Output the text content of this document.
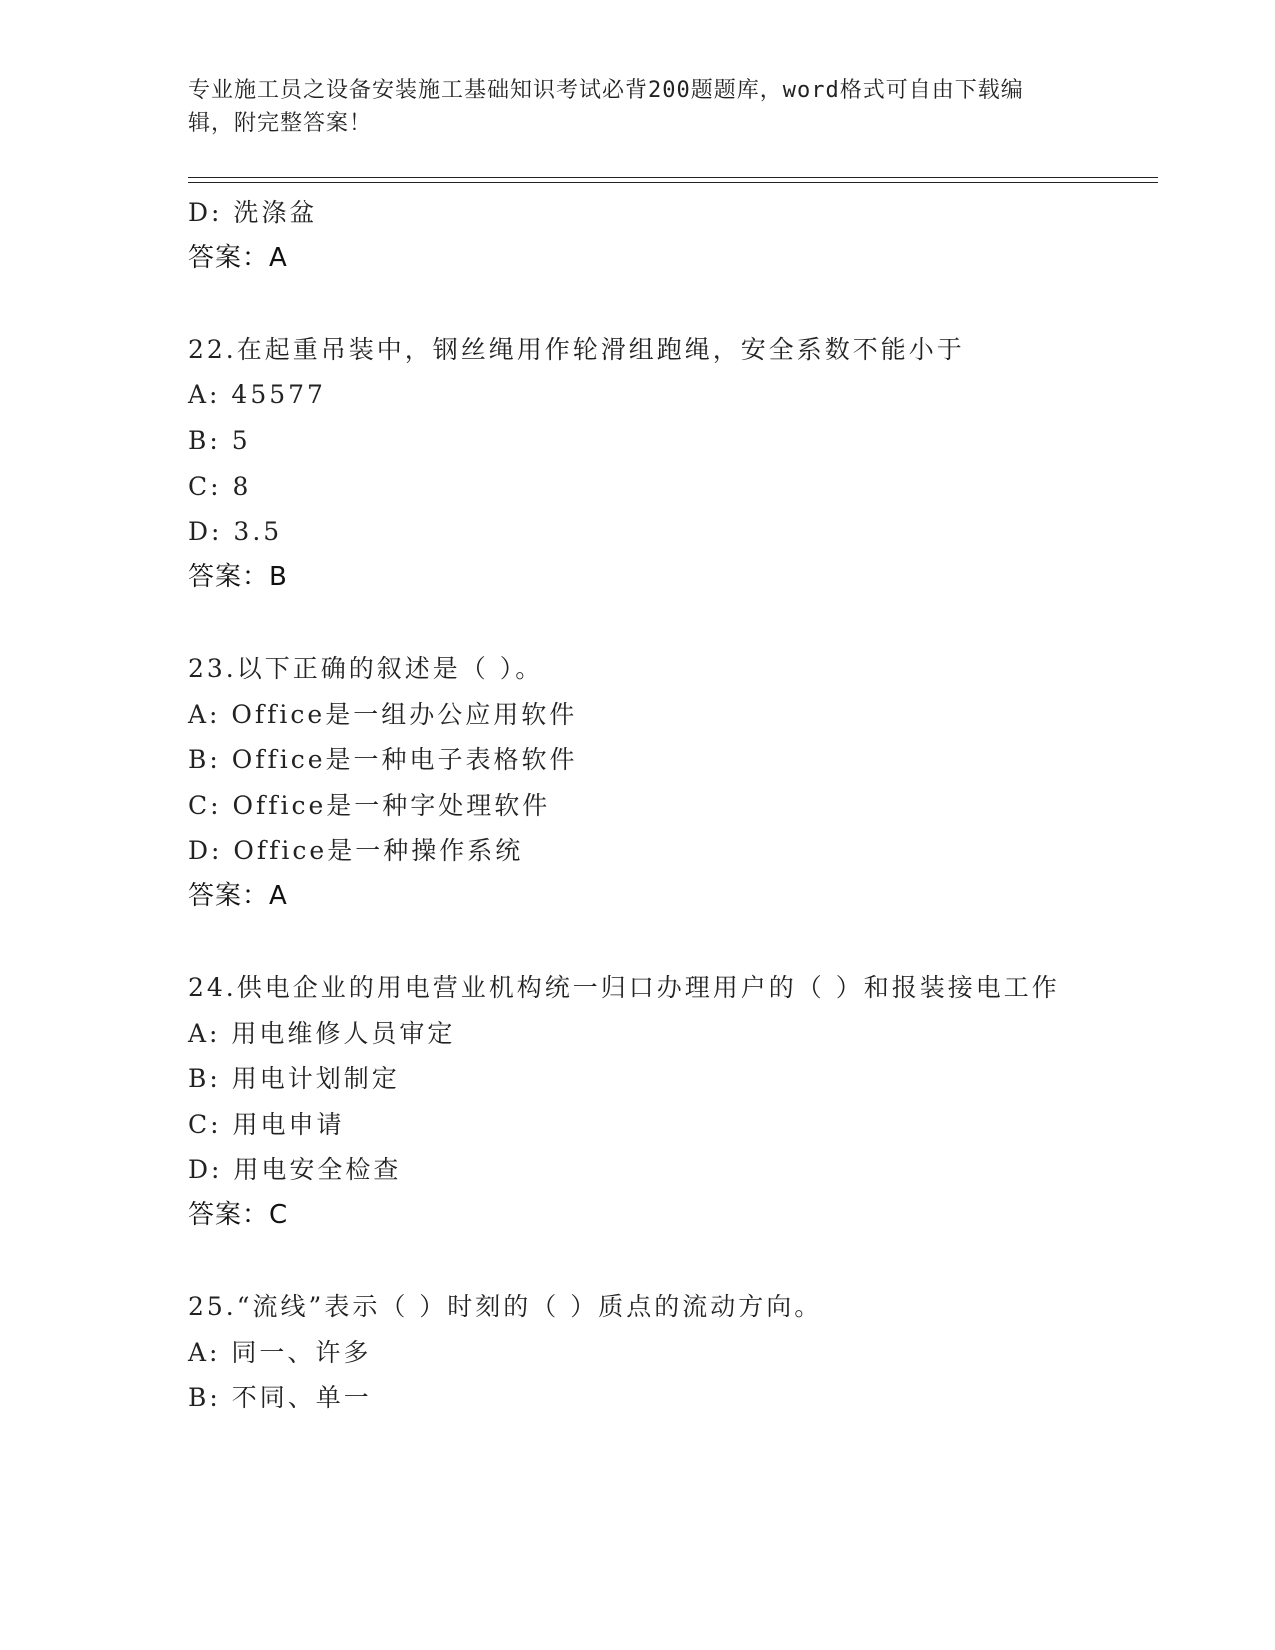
专业施工员之设备安装施工基础知识考试必背200题题库，word格式可自由下载编辑，附完整答案！
D: 洗涤盆
答案：A
22.在起重吊装中，钢丝绳用作轮滑组跑绳，安全系数不能小于
A: 45577
B: 5
C: 8
D: 3.5
答案：B
23.以下正确的叙述是（ ）。
A: Office是一组办公应用软件
B: Office是一种电子表格软件
C: Office是一种字处理软件
D: Office是一种操作系统
答案：A
24.供电企业的用电营业机构统一归口办理用户的（ ）和报装接电工作
A: 用电维修人员审定
B: 用电计划制定
C: 用电申请
D: 用电安全检查
答案：C
25.“流线”表示（ ）时刻的（ ）质点的流动方向。
A: 同一、许多
B: 不同、单一
